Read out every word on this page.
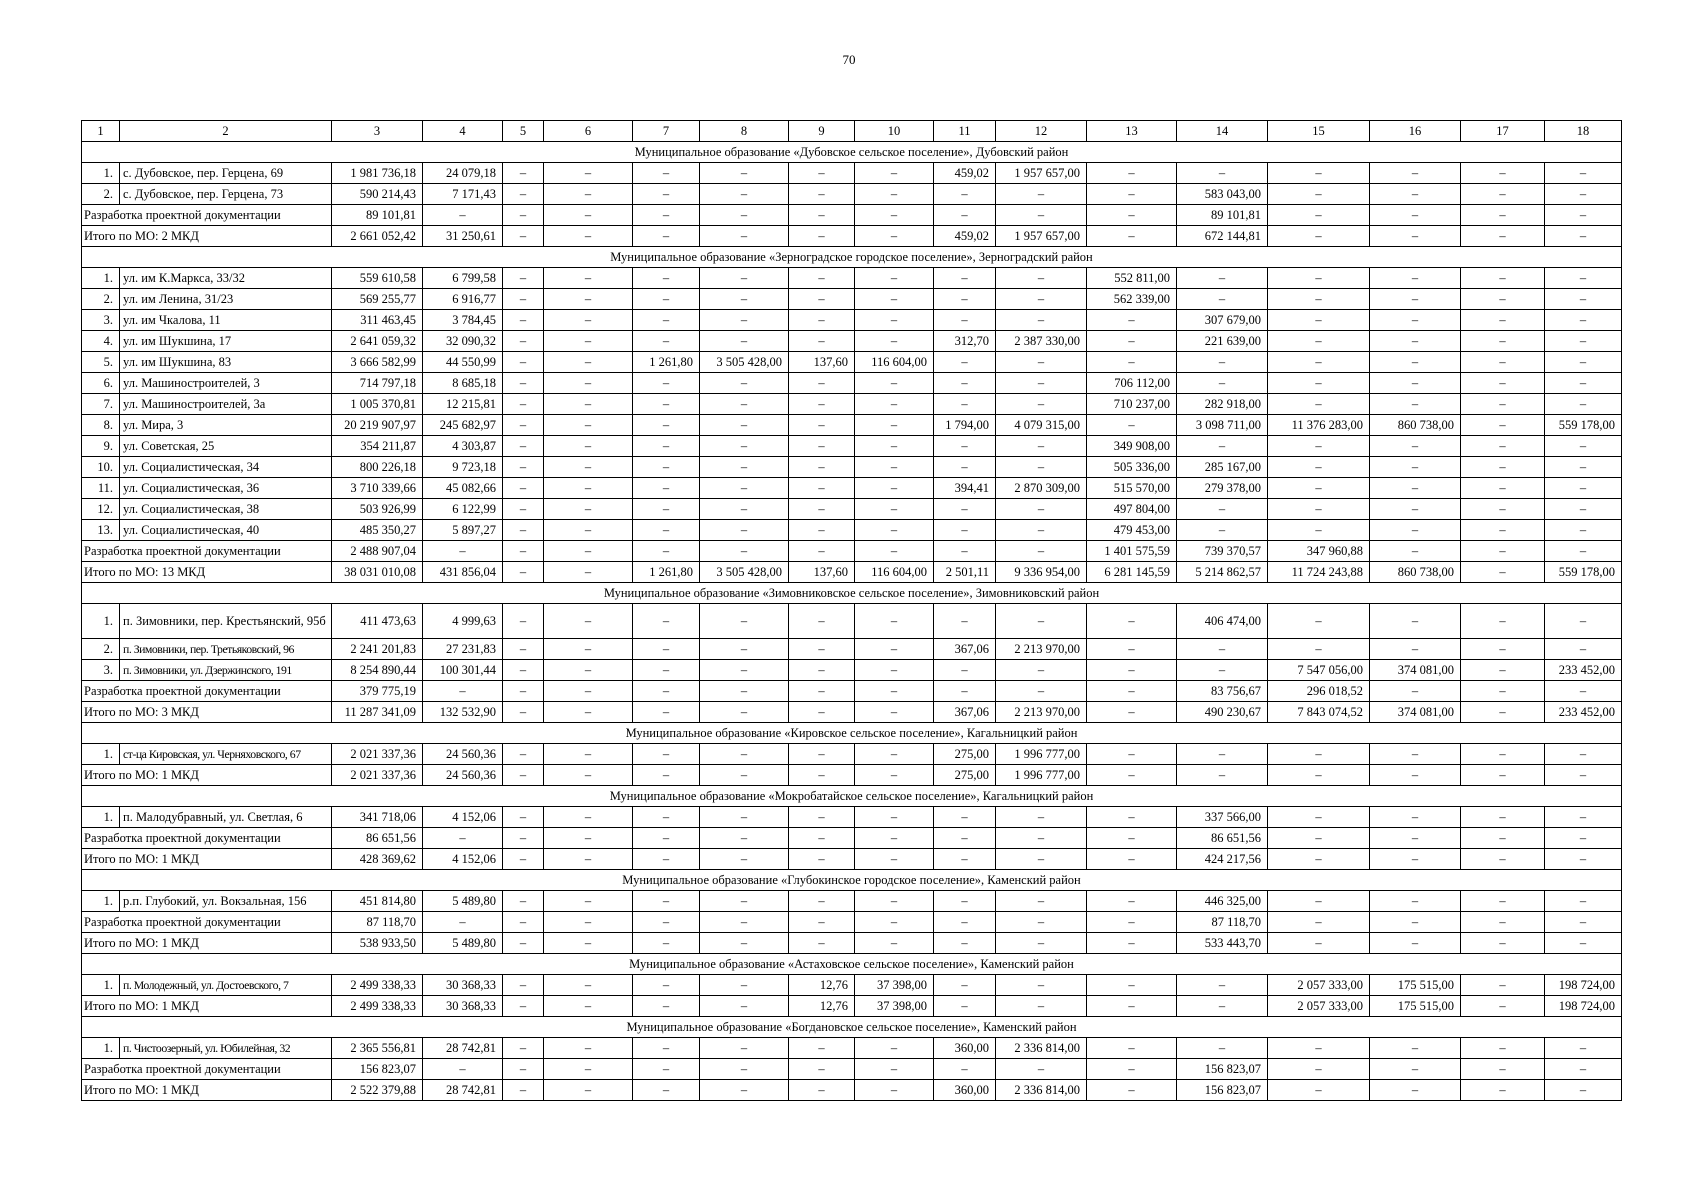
70
1	2	3	4	5	6	7	8	9	10	11	12	13	14	15	16	17	18
Муниципальное образование «Дубовское сельское поселение», Дубовский район																	
1.	с. Дубовское, пер. Герцена, 69	1 981 736,18	24 079,18	–	–	–	–	–	–	459,02	1 957 657,00	–	–	–	–	–	–
2.	с. Дубовское, пер. Герцена, 73	590 214,43	7 171,43	–	–	–	–	–	–	–	–	–	583 043,00	–	–	–	–
Разработка проектной документации		89 101,81	–	–	–	–	–	–	–	–	–	–	89 101,81	–	–	–	–
Итого по МО: 2 МКД		2 661 052,42	31 250,61	–	–	–	–	–	–	459,02	1 957 657,00	–	672 144,81	–	–	–	–
Муниципальное образование «Зерноградское городское поселение», Зерноградский район																	
1.	ул. им К.Маркса, 33/32	559 610,58	6 799,58	–	–	–	–	–	–	–	–	552 811,00	–	–	–	–	–
2.	ул. им Ленина, 31/23	569 255,77	6 916,77	–	–	–	–	–	–	–	–	562 339,00	–	–	–	–	–
3.	ул. им Чкалова, 11	311 463,45	3 784,45	–	–	–	–	–	–	–	–	–	307 679,00	–	–	–	–
4.	ул. им Шукшина, 17	2 641 059,32	32 090,32	–	–	–	–	–	–	312,70	2 387 330,00	–	221 639,00	–	–	–	–
5.	ул. им Шукшина, 83	3 666 582,99	44 550,99	–	–	1 261,80	3 505 428,00	137,60	116 604,00	–	–	–	–	–	–	–	–
6.	ул. Машиностроителей, 3	714 797,18	8 685,18	–	–	–	–	–	–	–	–	706 112,00	–	–	–	–	–
7.	ул. Машиностроителей, 3а	1 005 370,81	12 215,81	–	–	–	–	–	–	–	–	710 237,00	282 918,00	–	–	–	–
8.	ул. Мира, 3	20 219 907,97	245 682,97	–	–	–	–	–	–	1 794,00	4 079 315,00	–	3 098 711,00	11 376 283,00	860 738,00	–	559 178,00
9.	ул. Советская, 25	354 211,87	4 303,87	–	–	–	–	–	–	–	–	349 908,00	–	–	–	–	–
10.	ул. Социалистическая, 34	800 226,18	9 723,18	–	–	–	–	–	–	–	–	505 336,00	285 167,00	–	–	–	–
11.	ул. Социалистическая, 36	3 710 339,66	45 082,66	–	–	–	–	–	–	394,41	2 870 309,00	515 570,00	279 378,00	–	–	–	–
12.	ул. Социалистическая, 38	503 926,99	6 122,99	–	–	–	–	–	–	–	–	497 804,00	–	–	–	–	–
13.	ул. Социалистическая, 40	485 350,27	5 897,27	–	–	–	–	–	–	–	–	479 453,00	–	–	–	–	–
Разработка проектной документации		2 488 907,04	–	–	–	–	–	–	–	–	–	1 401 575,59	739 370,57	347 960,88	–	–	–
Итого по МО: 13 МКД		38 031 010,08	431 856,04	–	–	1 261,80	3 505 428,00	137,60	116 604,00	2 501,11	9 336 954,00	6 281 145,59	5 214 862,57	11 724 243,88	860 738,00	–	559 178,00
Муниципальное образование «Зимовниковское сельское поселение», Зимовниковский район																	
1.	п. Зимовники, пер. Крестьянский, 95б	411 473,63	4 999,63	–	–	–	–	–	–	–	–	–	406 474,00	–	–	–	–
2.	п. Зимовники, пер. Третьяковский, 96	2 241 201,83	27 231,83	–	–	–	–	–	–	367,06	2 213 970,00	–	–	–	–	–	–
3.	п. Зимовники, ул. Дзержинского, 191	8 254 890,44	100 301,44	–	–	–	–	–	–	–	–	–	–	7 547 056,00	374 081,00	–	233 452,00
Разработка проектной документации		379 775,19	–	–	–	–	–	–	–	–	–	–	83 756,67	296 018,52	–	–	–
Итого по МО: 3 МКД		11 287 341,09	132 532,90	–	–	–	–	–	–	367,06	2 213 970,00	–	490 230,67	7 843 074,52	374 081,00	–	233 452,00
Муниципальное образование «Кировское сельское поселение», Кагальницкий район																	
1.	ст-ца Кировская, ул. Черняховского, 67	2 021 337,36	24 560,36	–	–	–	–	–	–	275,00	1 996 777,00	–	–	–	–	–	–
Итого по МО: 1 МКД		2 021 337,36	24 560,36	–	–	–	–	–	–	275,00	1 996 777,00	–	–	–	–	–	–
Муниципальное образование «Мокробатайское сельское поселение», Кагальницкий район																	
1.	п. Малодубравный, ул. Светлая, 6	341 718,06	4 152,06	–	–	–	–	–	–	–	–	–	337 566,00	–	–	–	–
Разработка проектной документации		86 651,56	–	–	–	–	–	–	–	–	–	–	86 651,56	–	–	–	–
Итого по МО: 1 МКД		428 369,62	4 152,06	–	–	–	–	–	–	–	–	–	424 217,56	–	–	–	–
Муниципальное образование «Глубокинское городское поселение», Каменский район																	
1.	р.п. Глубокий, ул. Вокзальная, 156	451 814,80	5 489,80	–	–	–	–	–	–	–	–	–	446 325,00	–	–	–	–
Разработка проектной документации		87 118,70	–	–	–	–	–	–	–	–	–	–	87 118,70	–	–	–	–
Итого по МО: 1 МКД		538 933,50	5 489,80	–	–	–	–	–	–	–	–	–	533 443,70	–	–	–	–
Муниципальное образование «Астаховское сельское поселение», Каменский район																	
1.	п. Молодежный, ул. Достоевского, 7	2 499 338,33	30 368,33	–	–	–	–	12,76	37 398,00	–	–	–	–	2 057 333,00	175 515,00	–	198 724,00
Итого по МО: 1 МКД		2 499 338,33	30 368,33	–	–	–	–	12,76	37 398,00	–	–	–	–	2 057 333,00	175 515,00	–	198 724,00
Муниципальное образование «Богдановское сельское поселение», Каменский район																	
1.	п. Чистоозерный, ул. Юбилейная, 32	2 365 556,81	28 742,81	–	–	–	–	–	–	360,00	2 336 814,00	–	–	–	–	–	–
Разработка проектной документации		156 823,07	–	–	–	–	–	–	–	–	–	–	156 823,07	–	–	–	–
Итого по МО: 1 МКД		2 522 379,88	28 742,81	–	–	–	–	–	–	360,00	2 336 814,00	–	156 823,07	–	–	–	–
